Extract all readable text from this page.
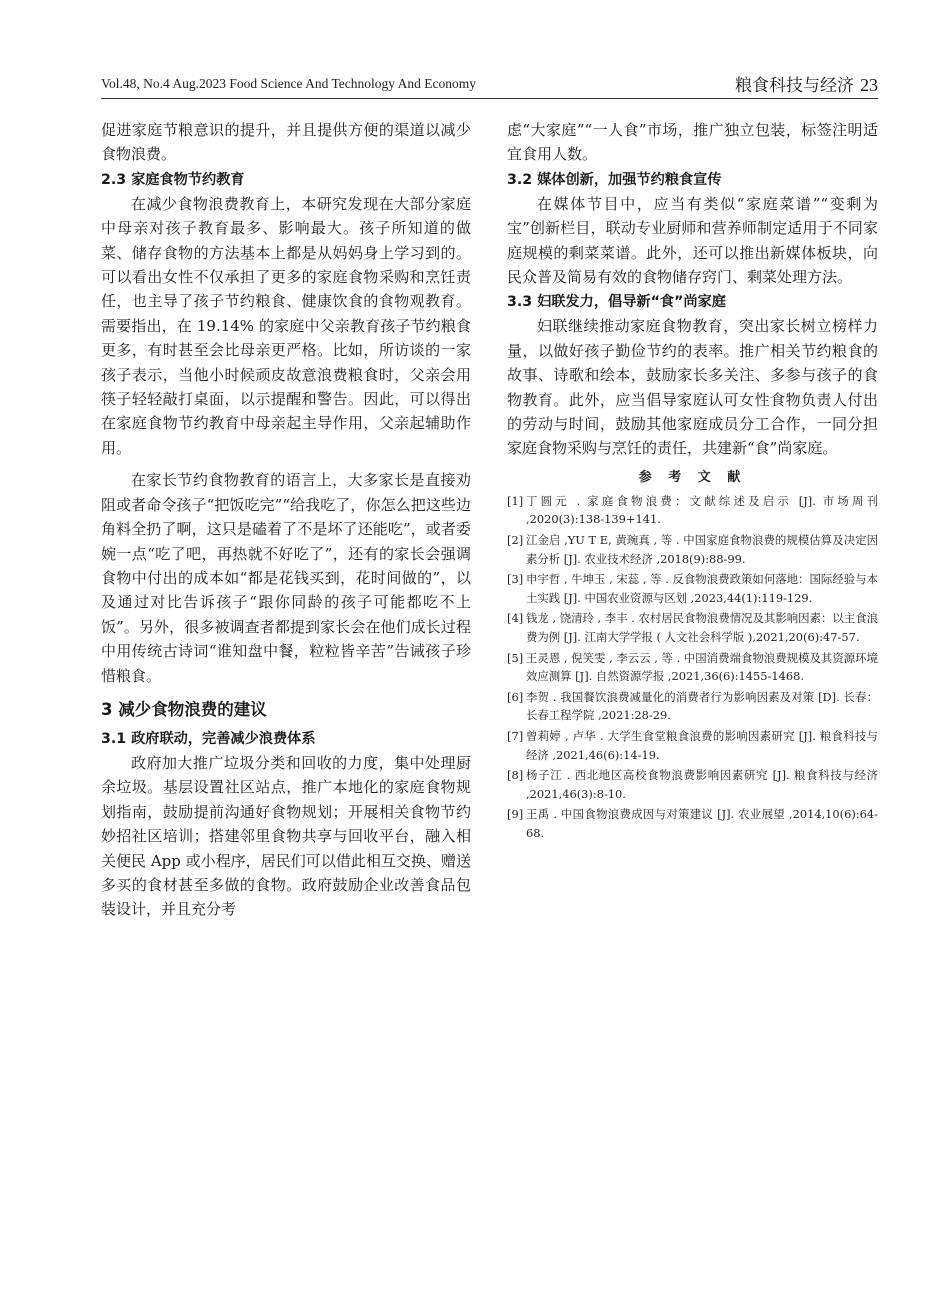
Vol.48, No.4 Aug.2023 Food Science And Technology And Economy	粮食科技与经济 23

促进家庭节粮意识的提升，并且提供方便的渠道以减少食物浪费。

2.3 家庭食物节约教育

在减少食物浪费教育上，本研究发现在大部分家庭中母亲对孩子教育最多、影响最大。孩子所知道的做菜、储存食物的方法基本上都是从妈妈身上学习到的。可以看出女性不仅承担了更多的家庭食物采购和烹饪责任，也主导了孩子节约粮食、健康饮食的食物观教育。需要指出，在 19.14% 的家庭中父亲教育孩子节约粮食更多，有时甚至会比母亲更严格。比如，所访谈的一家孩子表示，当他小时候顽皮故意浪费粮食时，父亲会用筷子轻轻敲打桌面，以示提醒和警告。因此，可以得出在家庭食物节约教育中母亲起主导作用，父亲起辅助作用。

在家长节约食物教育的语言上，大多家长是直接劝阻或者命令孩子“把饭吃完”“给我吃了，你怎么把这些边角料全扔了啊，这只是磕着了不是坏了还能吃”，或者委婉一点“吃了吧，再热就不好吃了”，还有的家长会强调食物中付出的成本如“都是花钱买到，花时间做的”，以及通过对比告诉孩子“跟你同龄的孩子可能都吃不上饭”。另外，很多被调查者都提到家长会在他们成长过程中用传统古诗词“谁知盘中餐，粒粒皆辛苦”告诫孩子珍惜粮食。

3 减少食物浪费的建议
3.1 政府联动，完善减少浪费体系

政府加大推广垃圾分类和回收的力度，集中处理厨余垃圾。基层设置社区站点，推广本地化的家庭食物规划指南，鼓励提前沟通好食物规划；开展相关食物节约妙招社区培训；搭建邻里食物共享与回收平台，融入相关便民 App 或小程序，居民们可以借此相互交换、赠送多买的食材甚至多做的食物。政府鼓励企业改善食品包装设计，并且充分考

虑“大家庭”“一人食”市场，推广独立包装，标签注明适宜食用人数。

3.2 媒体创新，加强节约粮食宣传

在媒体节目中，应当有类似“家庭菜谱”“变剩为宝”创新栏目，联动专业厨师和营养师制定适用于不同家庭规模的剩菜菜谱。此外，还可以推出新媒体板块，向民众普及简易有效的食物储存窍门、剩菜处理方法。

3.3 妇联发力，倡导新“食”尚家庭

妇联继续推动家庭食物教育，突出家长树立榜样力量，以做好孩子勤俭节约的表率。推广相关节约粮食的故事、诗歌和绘本，鼓励家长多关注、多参与孩子的食物教育。此外，应当倡导家庭认可女性食物负责人付出的劳动与时间，鼓励其他家庭成员分工合作，一同分担家庭食物采购与烹饪的责任，共建新“食”尚家庭。

参 考 文 献
[1] 丁圆元 . 家庭食物浪费：文献综述及启示 [J]. 市场周刊 ,2020(3):138-139+141.
[2] 江金启 ,YU T E, 黄琬真 , 等 . 中国家庭食物浪费的规模估算及决定因素分析 [J]. 农业技术经济 ,2018(9):88-99.
[3] 申宇哲 , 牛坤玉 , 宋蕊 , 等 . 反食物浪费政策如何落地：国际经验与本土实践 [J]. 中国农业资源与区划 ,2023,44(1):119-129.
[4] 钱龙 , 饶清玲 , 李丰 . 农村居民食物浪费情况及其影响因素：以主食浪费为例 [J]. 江南大学学报 ( 人文社会科学版 ),2021,20(6):47-57.
[5] 王灵恩 , 倪笑雯 , 李云云 , 等 . 中国消费端食物浪费规模及其资源环境效应测算 [J]. 自然资源学报 ,2021,36(6):1455-1468.
[6] 李贺 . 我国餐饮浪费减量化的消费者行为影响因素及对策 [D]. 长春：长春工程学院 ,2021:28-29.
[7] 曾莉婷 , 卢华 . 大学生食堂粮食浪费的影响因素研究 [J]. 粮食科技与经济 ,2021,46(6):14-19.
[8] 杨子江 . 西北地区高校食物浪费影响因素研究 [J]. 粮食科技与经济 ,2021,46(3):8-10.
[9] 王禹 . 中国食物浪费成因与对策建议 [J]. 农业展望 ,2014,10(6):64-68.
